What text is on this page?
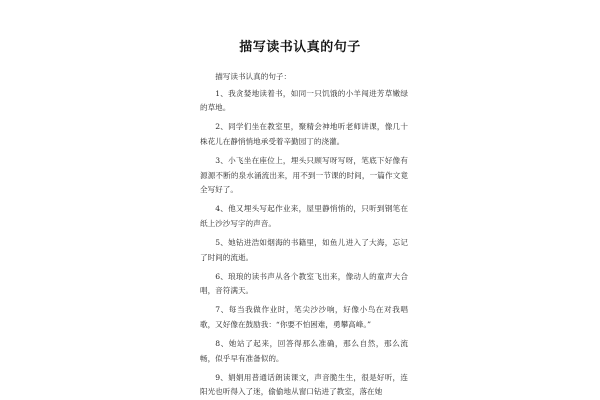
描写读书认真的句子

描写读书认真的句子：

1、我贪婪地读着书，如同一只饥饿的小羊闯进芳草嫩绿的草地。

2、同学们坐在教室里，聚精会神地听老师讲课，像几十株花儿在静悄悄地承受着辛勤园丁的浇灌。

3、小飞坐在座位上，埋头只顾写呀写呀，笔底下好像有源源不断的泉水涌流出来，用不到一节课的时间，一篇作文竟全写好了。

4、他又埋头写起作业来，屋里静悄悄的，只听到钢笔在纸上沙沙写字的声音。

5、她钻进浩如烟海的书籍里，如鱼儿进入了大海，忘记了时间的流逝。

6、琅琅的读书声从各个教室飞出来，像动人的童声大合唱，音符满天。

7、每当我做作业时，笔尖沙沙响，好像小鸟在对我唱歌，又好像在鼓励我：“你要不怕困难，勇攀高峰。”

8、她站了起来，回答得那么准确，那么自然，那么流畅，似乎早有准备似的。

9、娟娟用普通话朗读课文，声音脆生生，很是好听，连阳光也听得入了迷，偷偷地从窗口钻进了教室，落在她
